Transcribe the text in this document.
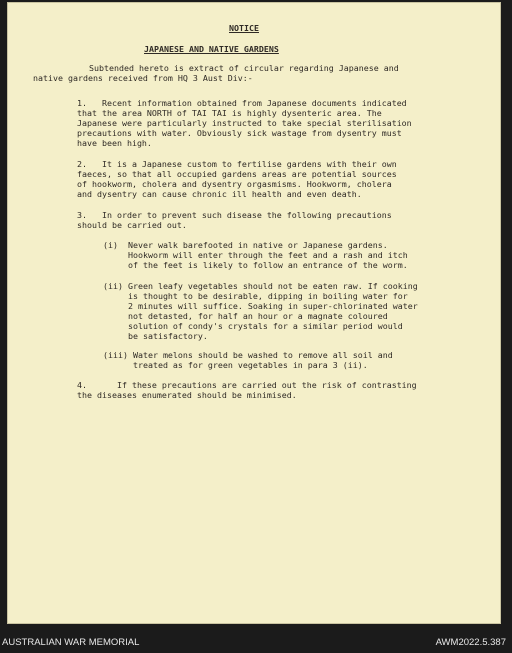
NOTICE
JAPANESE AND NATIVE GARDENS
Subtended hereto is extract of circular regarding Japanese and
native gardens received from HQ 3 Aust Div:-
1.   Recent information obtained from Japanese documents indicated
that the area NORTH of TAI TAI is highly dysenteric area. The
Japanese were particularly instructed to take special sterilisation
precautions with water. Obviously sick wastage from dysentry must
have been high.
2.   It is a Japanese custom to fertilise gardens with their own
faeces, so that all occupied gardens areas are potential sources
of hookworm, cholera and dysentry orgasmisms. Hookworm, cholera
and dysentry can cause chronic ill health and even death.
3.   In order to prevent such disease the following precautions
should be carried out.
(i)  Never walk barefooted in native or Japanese gardens.
Hookworm will enter through the feet and a rash and itch
of the feet is likely to follow an entrance of the worm.
(ii) Green leafy vegetables should not be eaten raw. If cooking
is thought to be desirable, dipping in boiling water for
2 minutes will suffice. Soaking in super-chlorinated water
not detasted, for half an hour or a magnate coloured
solution of condy's crystals for a similar period would
be satisfactory.
(iii) Water melons should be washed to remove all soil and
treated as for green vegetables in para 3 (ii).
4.      If these precautions are carried out the risk of contrasting
the diseases enumerated should be minimised.
AUSTRALIAN WAR MEMORIAL	AWM2022.5.387
